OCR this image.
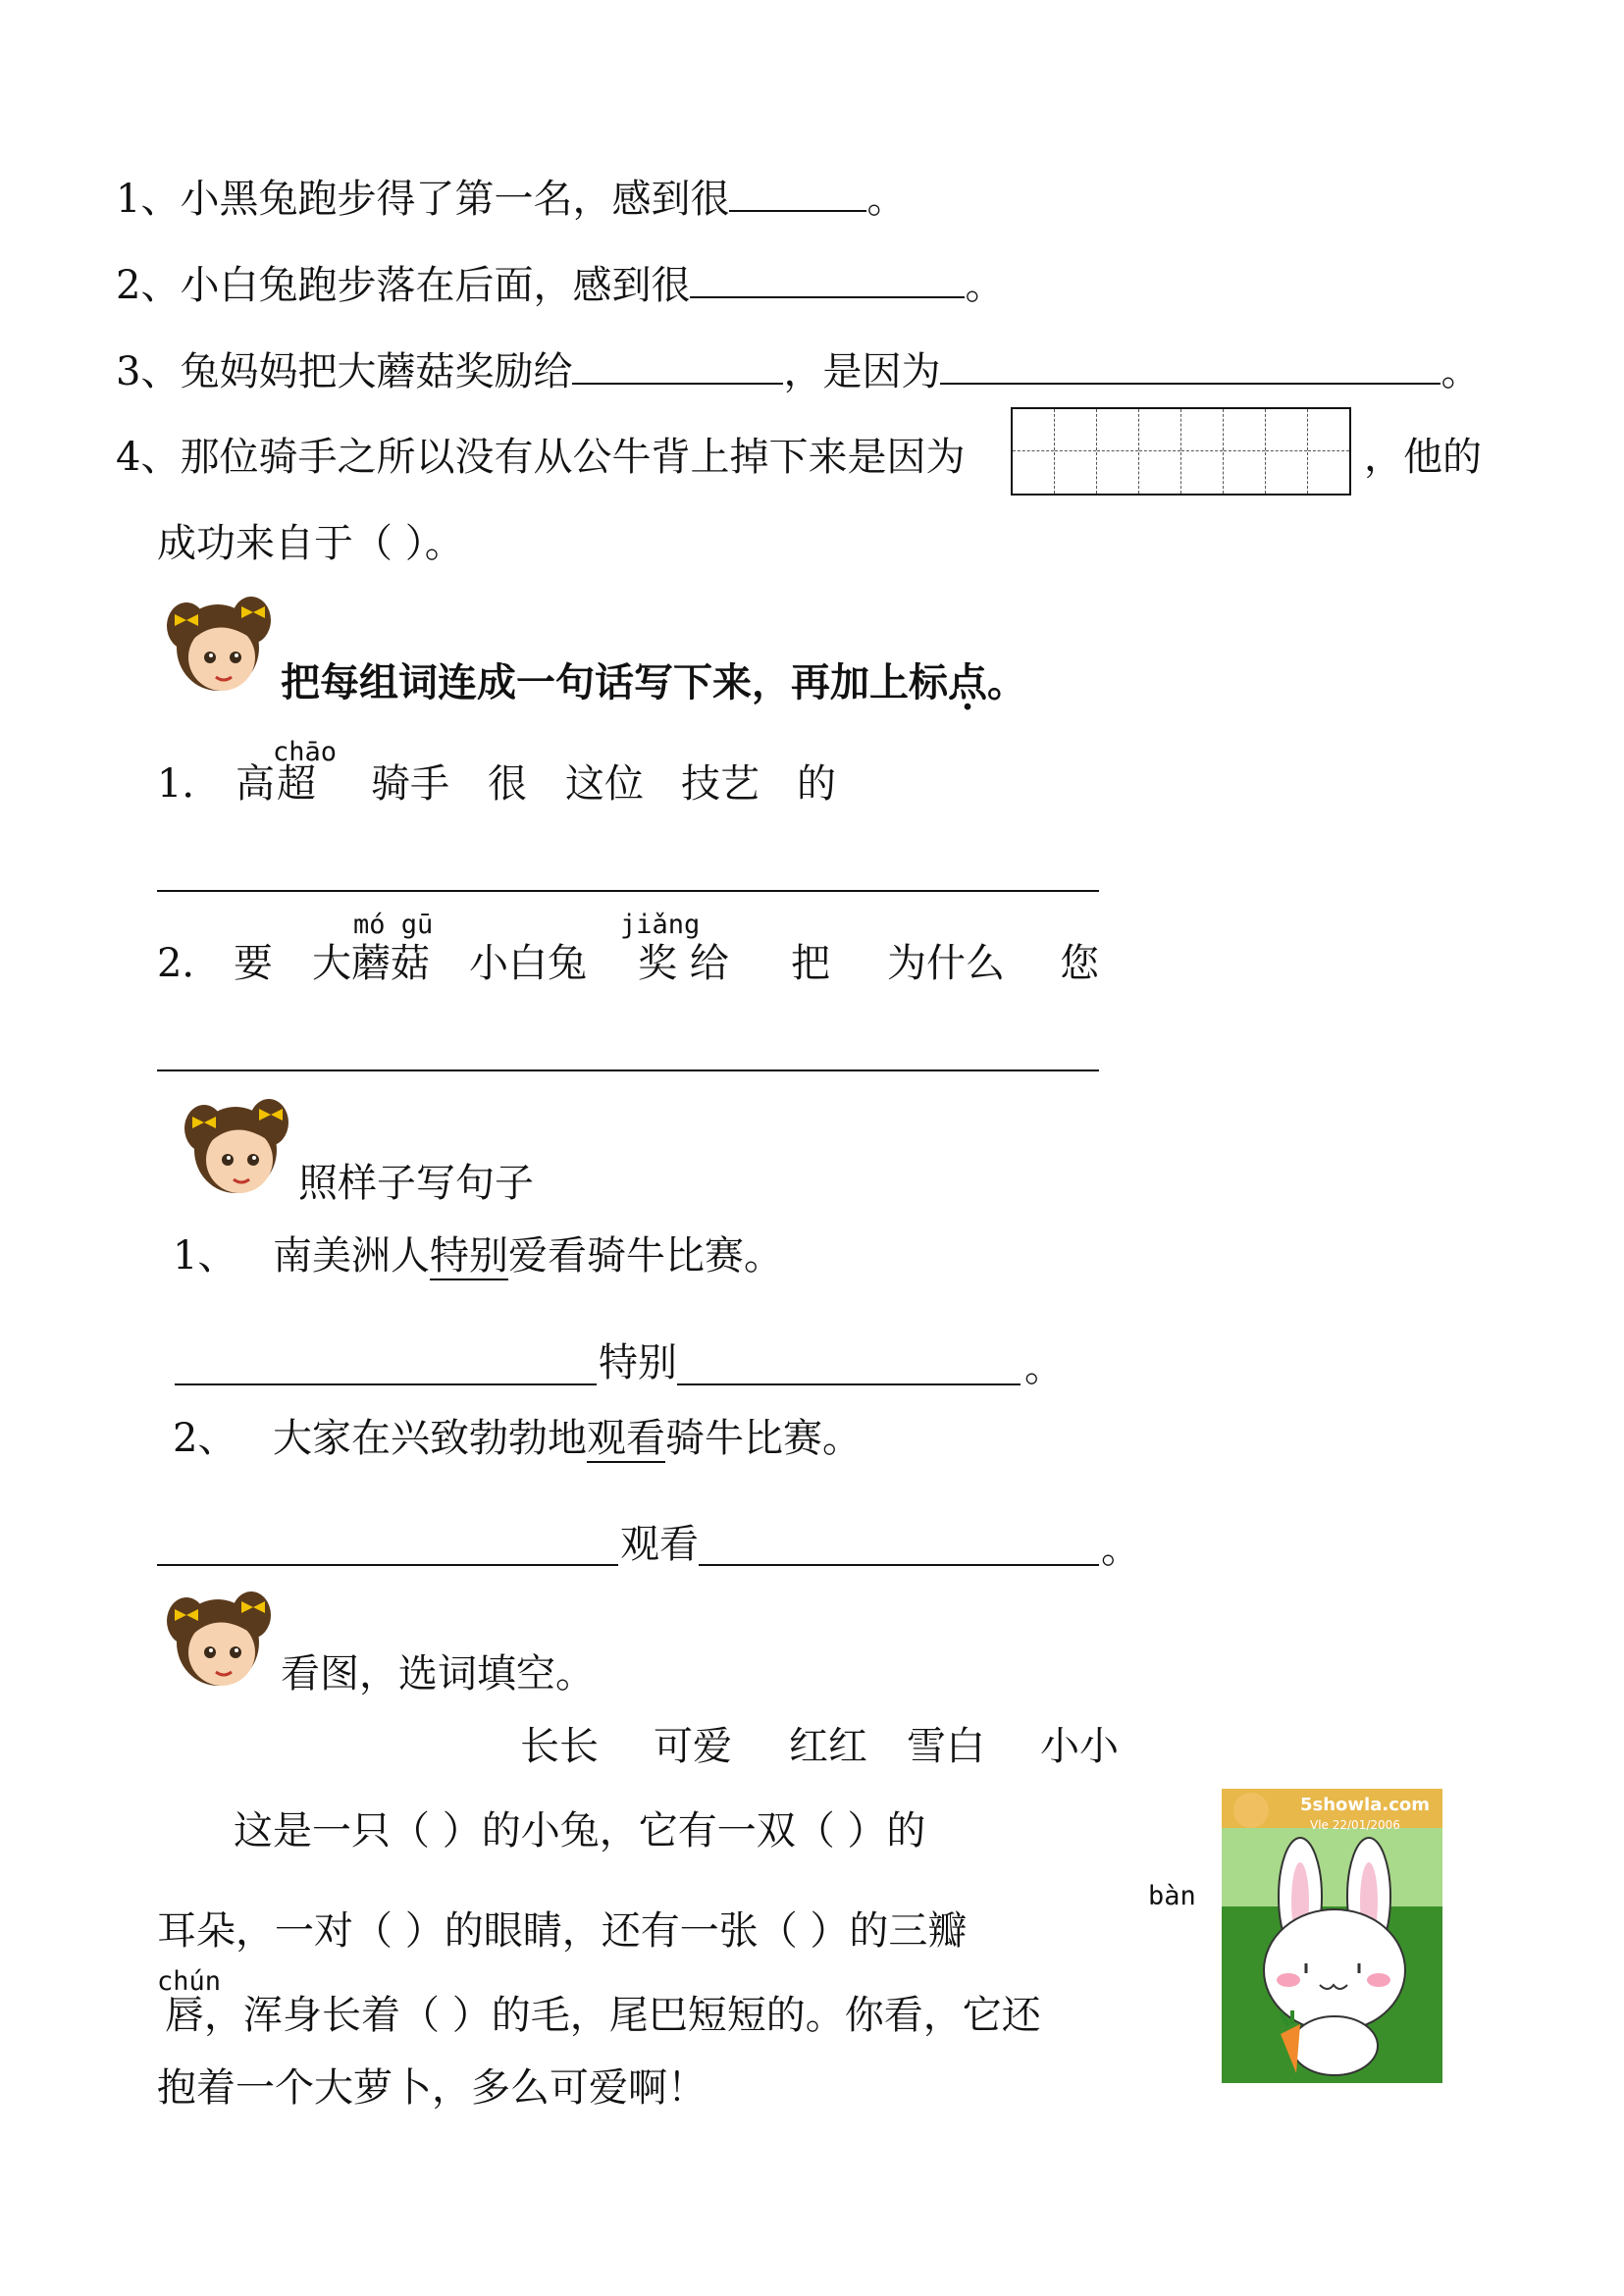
1、小黑兔跑步得了第一名，感到很	。
2、小白兔跑步落在后面，感到很	。
3、兔妈妈把大蘑菇奖励给	，是因为	。
4、那位骑手之所以没有从公牛背上掉下来是因为	，他的
成功来自于（ ）。
把每组词连成一句话写下来，再加上标点。
chāo
1． 高 超 骑手 很 这位 技艺 的
mó gū	jiǎng
2． 要 大蘑菇 小白兔 奖 给 把 为什么 您
照样子写句子
1、 南美洲人特别爱看骑牛比赛。
特别	。
2、 大家在兴致勃勃地观看骑牛比赛。
观看	。
看图，选词填空。
长长 可爱 红红 雪白 小小
这是一只（ ）的小兔，它有一双（ ）的
bàn
耳朵，一对（ ）的眼睛，还有一张（ ）的三瓣
chún
唇，浑身长着（ ）的毛，尾巴短短的。你看，它还
抱着一个大萝卜，多么可爱啊！
5showla.com
Vle 22/01/2006
